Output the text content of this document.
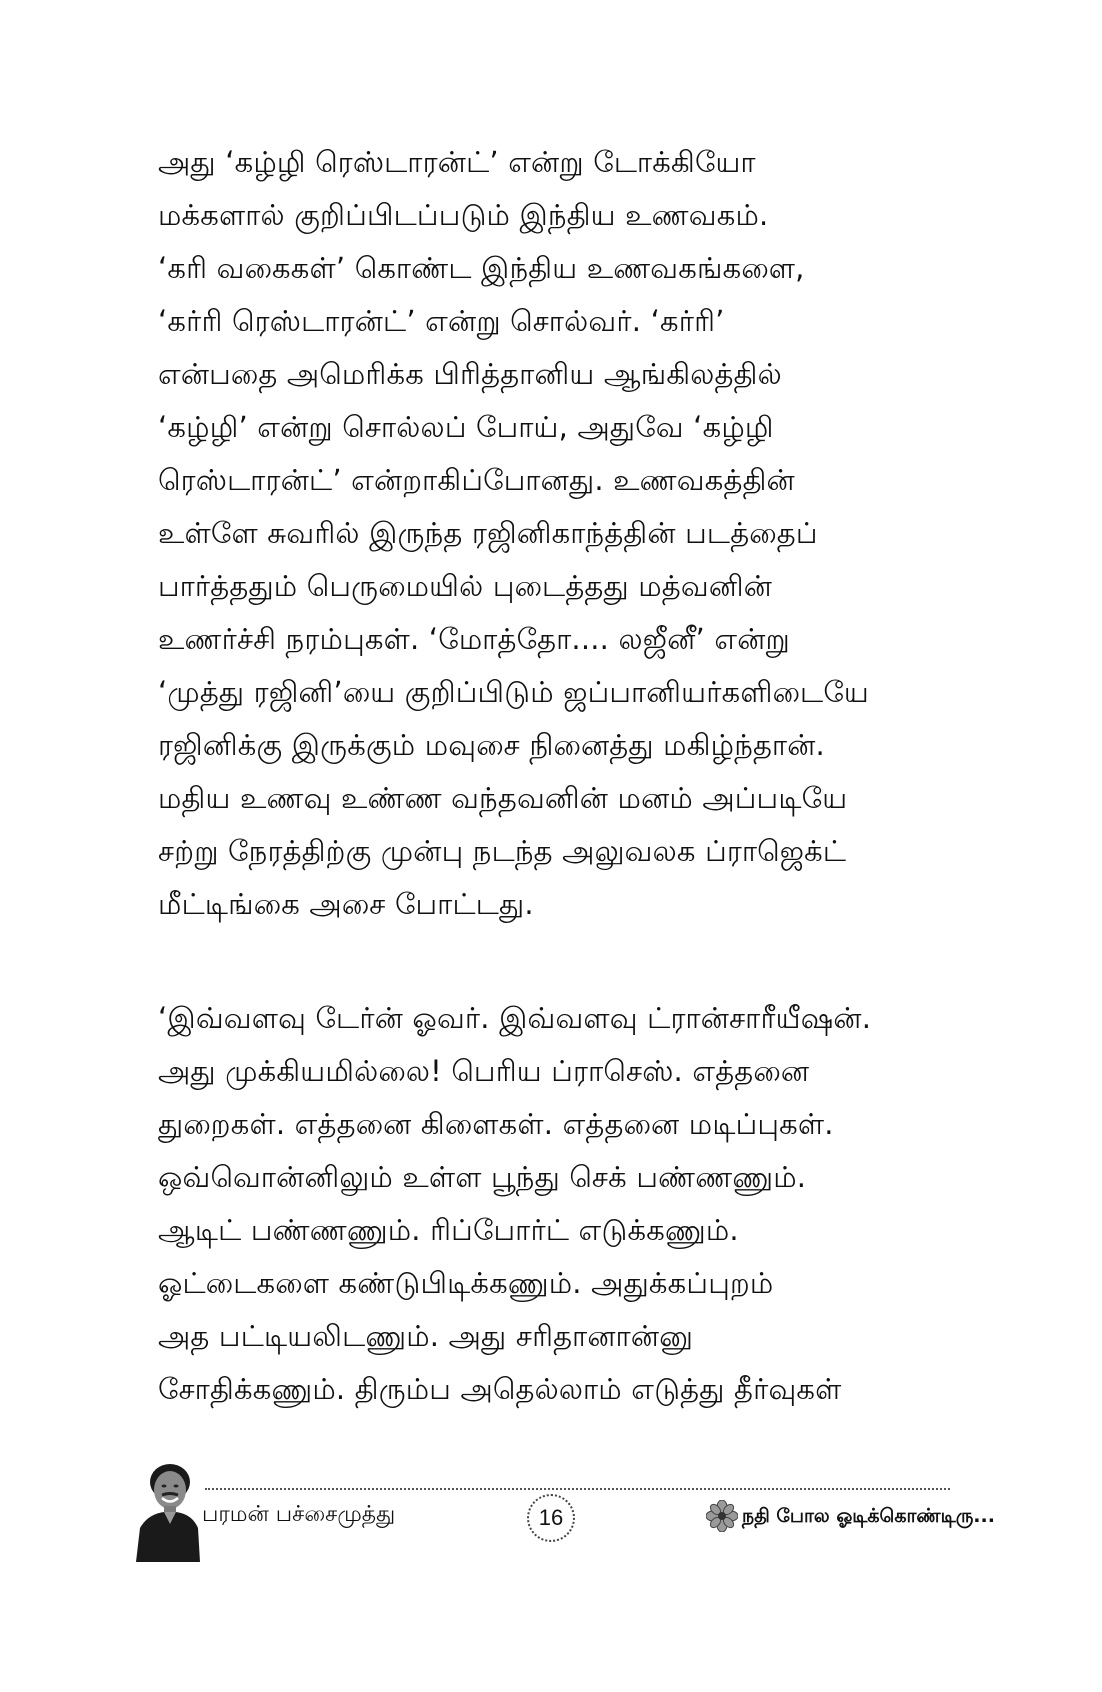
அது ‘கழ்ழி ரெஸ்டாரன்ட்’ என்று டோக்கியோ
மக்களால் குறிப்பிடப்படும் இந்திய உணவகம்.
‘கரி வகைகள்’ கொண்ட இந்திய உணவகங்களை,
‘கர்ரி ரெஸ்டாரன்ட்’ என்று சொல்வர். ‘கர்ரி’
என்பதை அமெரிக்க பிரித்தானிய ஆங்கிலத்தில்
‘கழ்ழி’ என்று சொல்லப் போய், அதுவே ‘கழ்ழி
ரெஸ்டாரன்ட்’ என்றாகிப்போனது. உணவகத்தின்
உள்ளே சுவரில் இருந்த ரஜினிகாந்த்தின் படத்தைப்
பார்த்ததும் பெருமையில் புடைத்தது மத்வனின்
உணர்ச்சி நரம்புகள். ‘மோத்தோ.... லஜீனீ’ என்று
‘முத்து ரஜினி’யை குறிப்பிடும் ஜப்பானியர்களிடையே
ரஜினிக்கு இருக்கும் மவுசை நினைத்து மகிழ்ந்தான்.
மதிய உணவு உண்ண வந்தவனின் மனம் அப்படியே
சற்று நேரத்திற்கு முன்பு நடந்த அலுவலக ப்ராஜெக்ட்
மீட்டிங்கை அசை போட்டது.
‘இவ்வளவு டேர்ன் ஓவர். இவ்வளவு ட்ரான்சாரீயீஷன்.
அது முக்கியமில்லை! பெரிய ப்ராசெஸ். எத்தனை
துறைகள். எத்தனை கிளைகள். எத்தனை மடிப்புகள்.
ஒவ்வொன்னிலும் உள்ள பூந்து செக் பண்ணணும்.
ஆடிட் பண்ணணும். ரிப்போர்ட் எடுக்கணும்.
ஓட்டைகளை கண்டுபிடிக்கணும். அதுக்கப்புறம்
அத பட்டியலிடணும். அது சரிதானான்னு
சோதிக்கணும். திரும்ப அதெல்லாம் எடுத்து தீர்வுகள்
பரமன் பச்சைமுத்து	16	நதி போல ஓடிக்கொண்டிரு...
